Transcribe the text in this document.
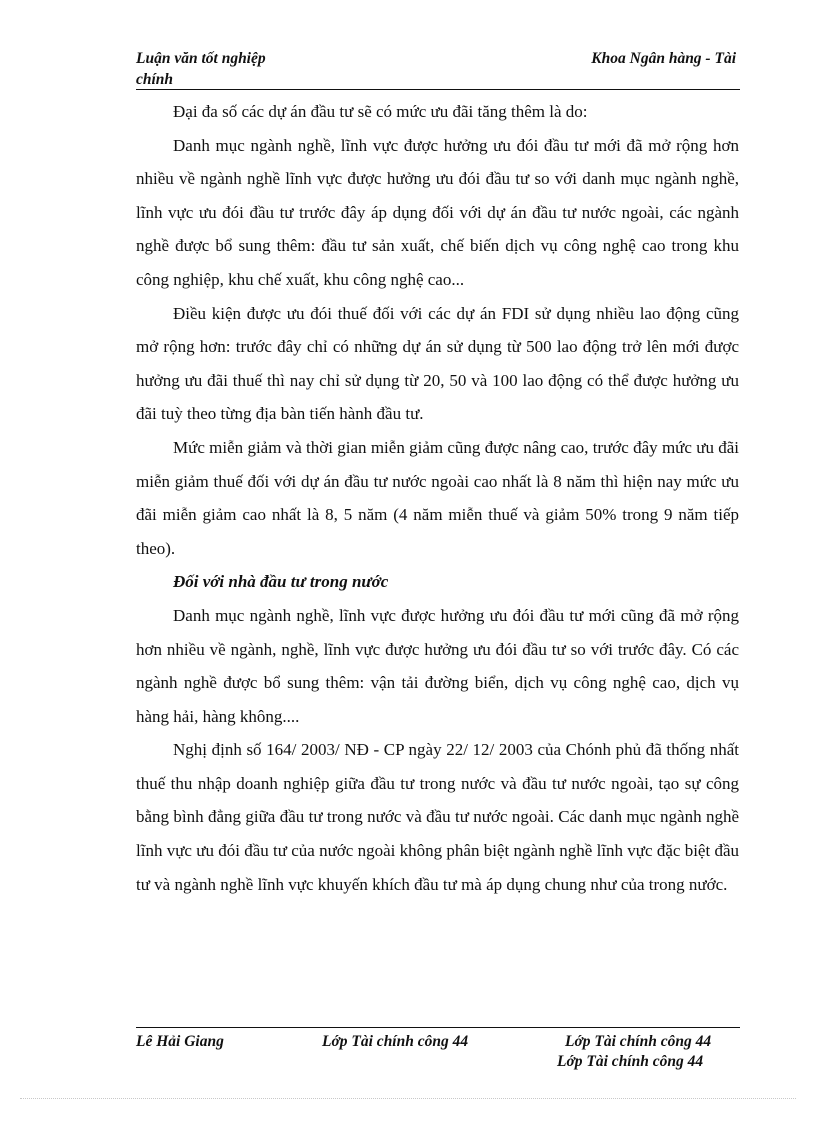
Luận văn tốt nghiệp
chính
Khoa Ngân hàng - Tài

Đại đa số các dự án đầu tư sẽ có mức ưu đãi tăng thêm là do:

Danh mục ngành nghề, lĩnh vực được hưởng ưu đói đầu tư mới đã mở rộng hơn nhiều về ngành nghề lĩnh vực được hưởng ưu đói đầu tư so với danh mục ngành nghề, lĩnh vực ưu đói đầu tư trước đây áp dụng đối với dự án đầu tư nước ngoài, các ngành nghề được bổ sung thêm: đầu tư sản xuất, chế biến dịch vụ công nghệ cao trong khu công nghiệp, khu chế xuất, khu công nghệ cao...

Điều kiện được ưu đói thuế đối với các dự án FDI sử dụng nhiều lao động cũng mở rộng hơn: trước đây chỉ có những dự án sử dụng từ 500 lao động trở lên mới được hưởng ưu đãi thuế thì nay chỉ sử dụng từ 20, 50 và 100 lao động có thể được hưởng ưu đãi tuỳ theo từng địa bàn tiến hành đầu tư.

Mức miễn giảm và thời gian miễn giảm cũng được nâng cao, trước đây mức ưu đãi miễn giảm thuế đối với dự án đầu tư nước ngoài cao nhất là 8 năm thì hiện nay mức ưu đãi miễn giảm cao nhất là 8, 5 năm (4 năm miễn thuế và giảm 50% trong 9 năm tiếp theo).

Đối với nhà đầu tư trong nước

Danh mục ngành nghề, lĩnh vực được hưởng ưu đói đầu tư mới cũng đã mở rộng hơn nhiều về ngành, nghề, lĩnh vực được hưởng ưu đói đầu tư so với trước đây. Có các ngành nghề được bổ sung thêm: vận tải đường biển, dịch vụ công nghệ cao, dịch vụ hàng hải, hàng không....

Nghị định số 164/ 2003/ NĐ - CP ngày 22/ 12/ 2003 của Chónh phủ đã thống nhất thuế thu nhập doanh nghiệp giữa đầu tư trong nước và đầu tư nước ngoài, tạo sự công bằng bình đẳng giữa đầu tư trong nước và đầu tư nước ngoài. Các danh mục ngành nghề lĩnh vực ưu đói đầu tư của nước ngoài không phân biệt ngành nghề lĩnh vực đặc biệt đầu tư và ngành nghề lĩnh vực khuyến khích đầu tư mà áp dụng chung như của trong nước.

Lê Hải Giang	Lớp Tài chính công 44	Lớp Tài chính công 44
Lớp Tài chính công 44
